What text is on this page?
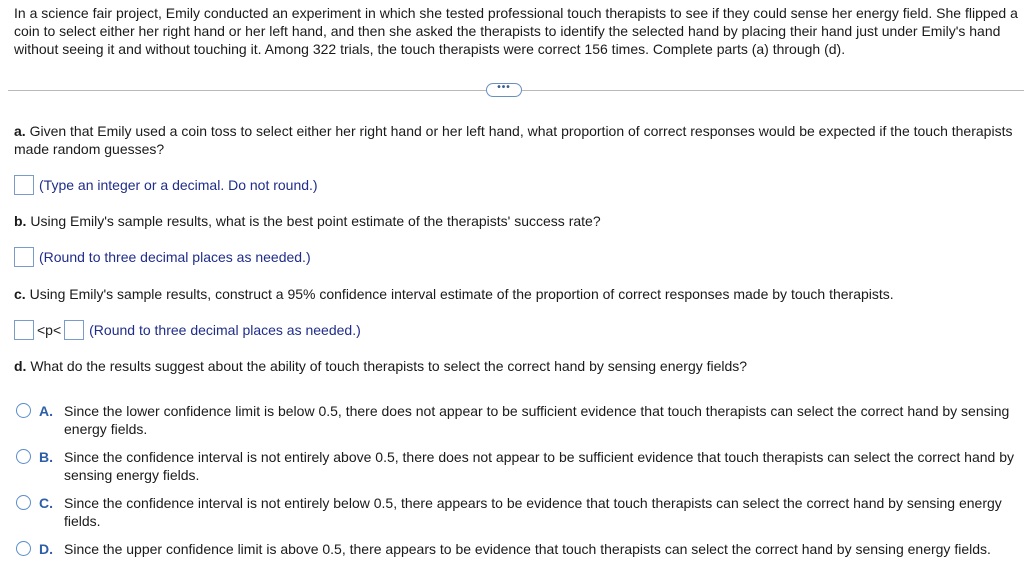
In a science fair project, Emily conducted an experiment in which she tested professional touch therapists to see if they could sense her energy field. She flipped a coin to select either her right hand or her left hand, and then she asked the therapists to identify the selected hand by placing their hand just under Emily's hand without seeing it and without touching it. Among 322 trials, the touch therapists were correct 156 times. Complete parts (a) through (d).
•••
a. Given that Emily used a coin toss to select either her right hand or her left hand, what proportion of correct responses would be expected if the touch therapists made random guesses?
(Type an integer or a decimal. Do not round.)
b. Using Emily's sample results, what is the best point estimate of the therapists' success rate?
(Round to three decimal places as needed.)
c. Using Emily's sample results, construct a 95% confidence interval estimate of the proportion of correct responses made by touch therapists.
<p< (Round to three decimal places as needed.)
d. What do the results suggest about the ability of touch therapists to select the correct hand by sensing energy fields?
A. Since the lower confidence limit is below 0.5, there does not appear to be sufficient evidence that touch therapists can select the correct hand by sensing energy fields.
B. Since the confidence interval is not entirely above 0.5, there does not appear to be sufficient evidence that touch therapists can select the correct hand by sensing energy fields.
C. Since the confidence interval is not entirely below 0.5, there appears to be evidence that touch therapists can select the correct hand by sensing energy fields.
D. Since the upper confidence limit is above 0.5, there appears to be evidence that touch therapists can select the correct hand by sensing energy fields.
